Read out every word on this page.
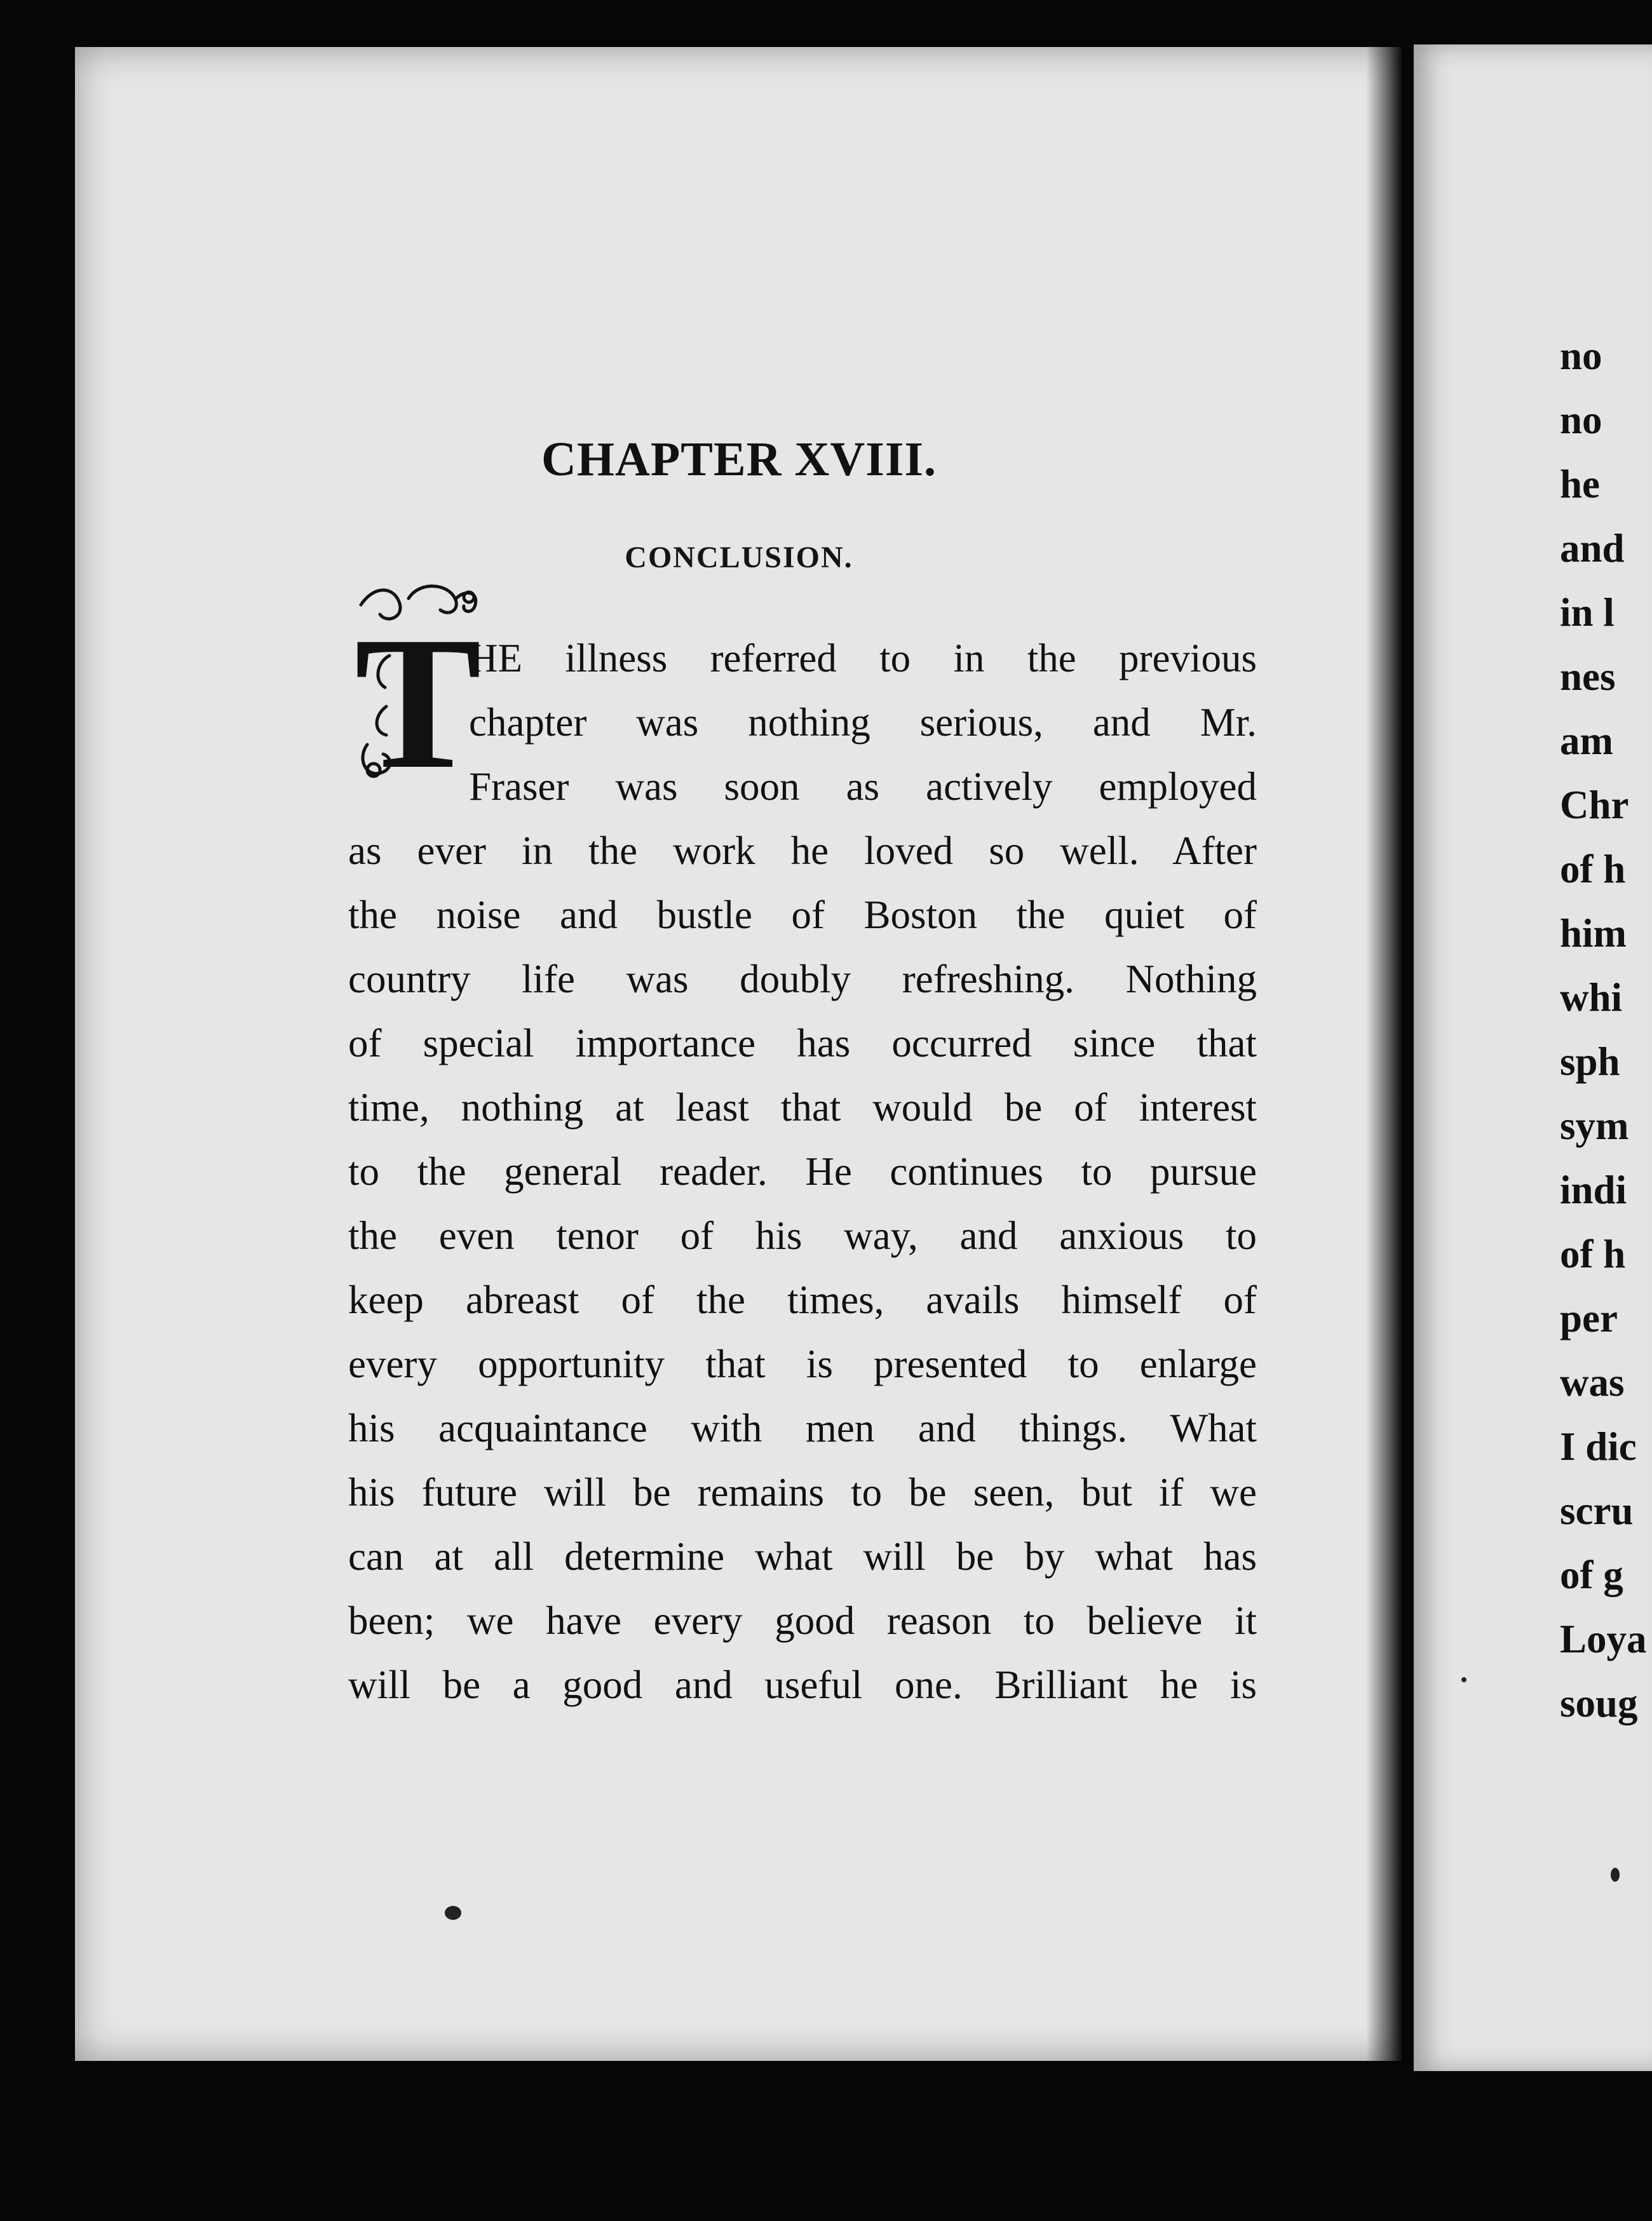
CHAPTER XVIII.
CONCLUSION.
T
HE illness referred to in the previous
chapter was nothing serious, and Mr.
Fraser was soon as actively employed
as ever in the work he loved so well. After
the noise and bustle of Boston the quiet of
country life was doubly refreshing. Nothing
of special importance has occurred since that
time, nothing at least that would be of interest
to the general reader. He continues to pursue
the even tenor of his way, and anxious to
keep abreast of the times, avails himself of
every opportunity that is presented to enlarge
his acquaintance with men and things. What
his future will be remains to be seen, but if we
can at all determine what will be by what has
been; we have every good reason to believe it
will be a good and useful one. Brilliant he is
no
no
he
and
in l
nes
am
Chr
of h
him
whi
sph
sym
indi
of h
per
was
I dic
scru
of g
Loya
soug
